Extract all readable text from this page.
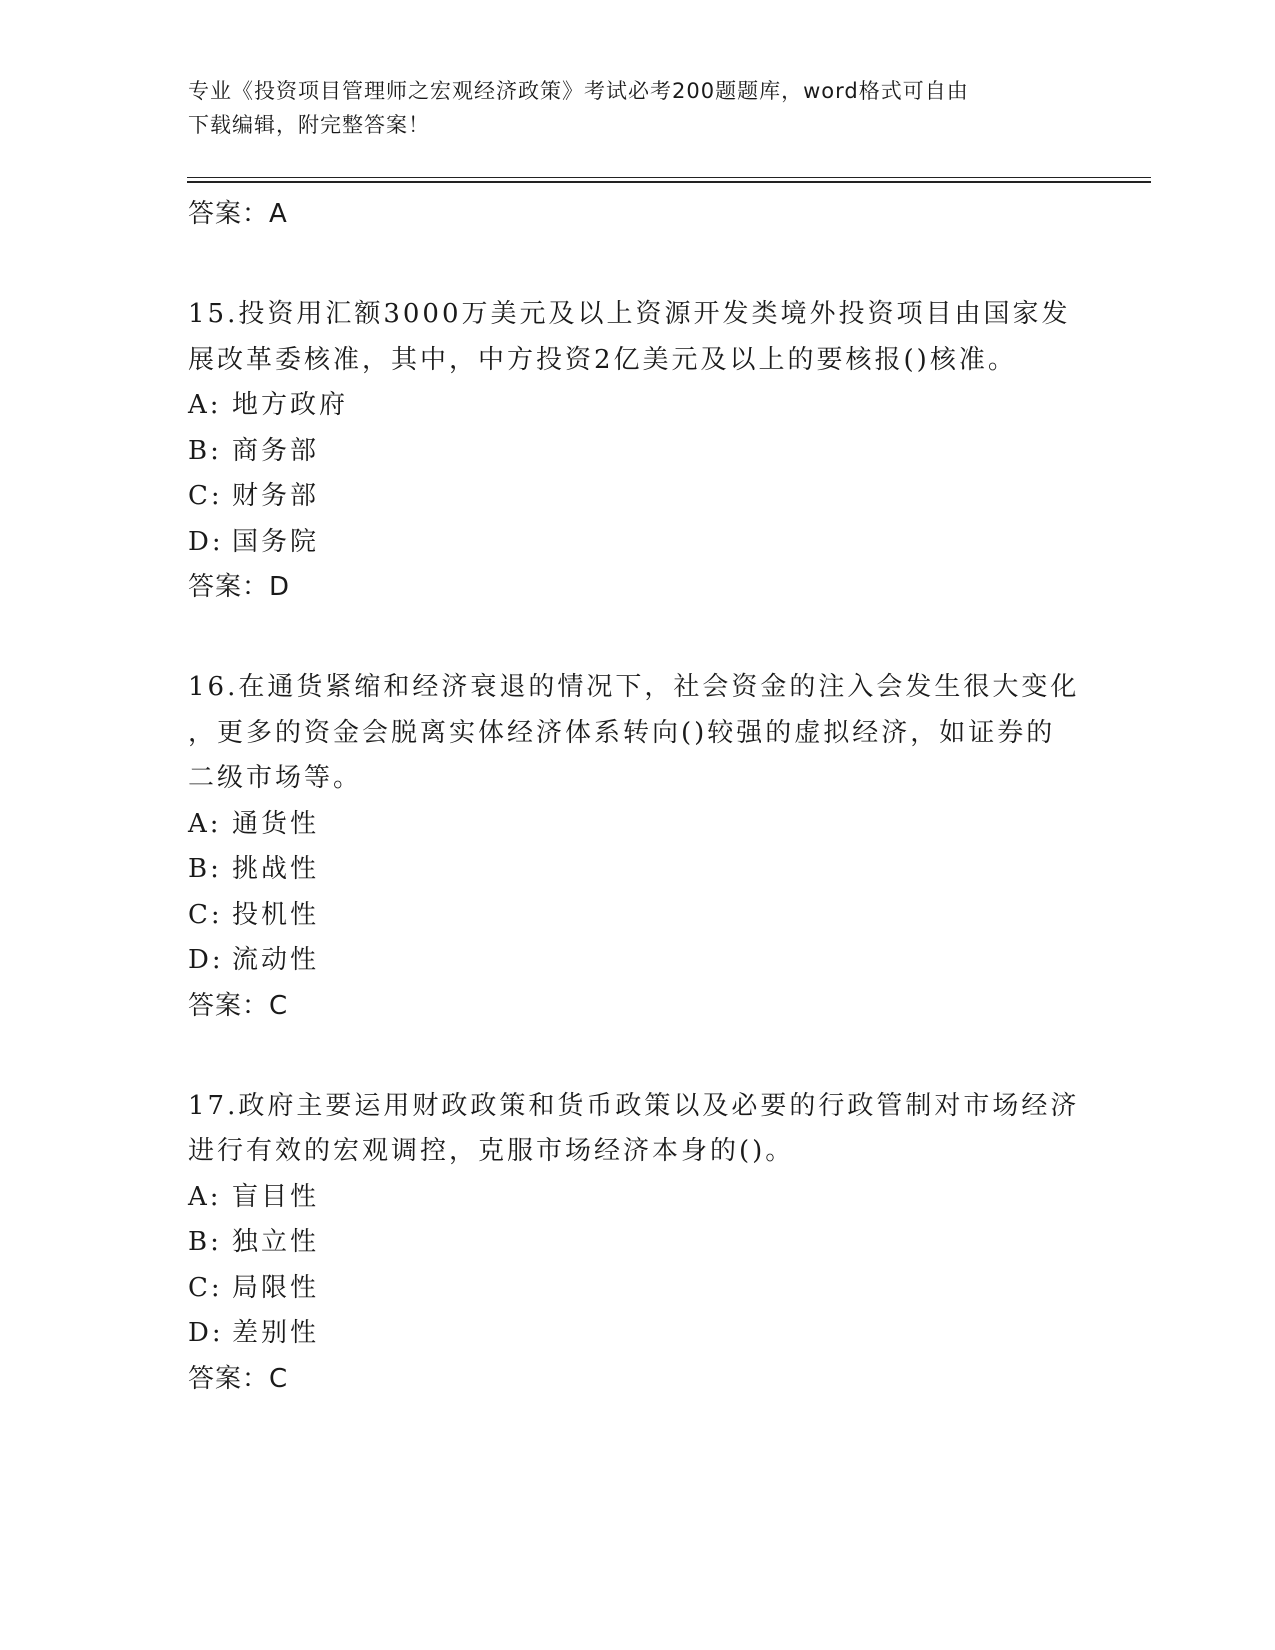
专业《投资项目管理师之宏观经济政策》考试必考200题题库，word格式可自由
下载编辑，附完整答案！
答案：A
15.投资用汇额3000万美元及以上资源开发类境外投资项目由国家发
展改革委核准，其中，中方投资2亿美元及以上的要核报()核准。
A: 地方政府
B: 商务部
C: 财务部
D: 国务院
答案：D
16.在通货紧缩和经济衰退的情况下，社会资金的注入会发生很大变化
，更多的资金会脱离实体经济体系转向()较强的虚拟经济，如证券的
二级市场等。
A: 通货性
B: 挑战性
C: 投机性
D: 流动性
答案：C
17.政府主要运用财政政策和货币政策以及必要的行政管制对市场经济
进行有效的宏观调控，克服市场经济本身的()。
A: 盲目性
B: 独立性
C: 局限性
D: 差别性
答案：C
